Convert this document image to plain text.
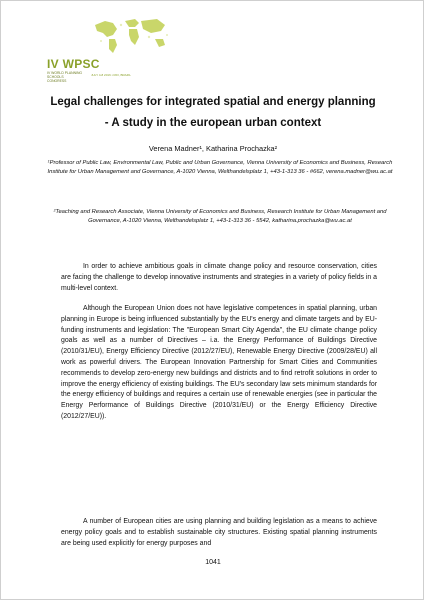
IV WPSC
IV WORLD PLANNING SCHOOLS CONGRESS
JULY 4-8 2016 ▪ RIO, BRAZIL
Legal challenges for integrated spatial and energy planning
- A study in the european urban context
Verena Madner¹, Katharina Prochazka²
¹Professor of Public Law, Environmental Law, Public and Urban Governance, Vienna University of Economics and Business, Research Institute for Urban Management and Governance, A-1020 Vienna, Welthandelsplatz 1, +43-1-313 36 - #662, verena.madner@wu.ac.at
²Teaching and Research Associate, Vienna University of Economics and Business, Research Institute for Urban Management and Governance, A-1020 Vienna, Welthandelsplatz 1, +43-1-313 36 - 5542, katharina.prochazka@wu.ac.at

In order to achieve ambitious goals in climate change policy and resource conservation, cities are facing the challenge to develop innovative instruments and strategies in a variety of policy fields in a multi-level context.

Although the European Union does not have legislative competences in spatial planning, urban planning in Europe is being influenced substantially by the EU's energy and climate targets and by EU-funding instruments and legislation: The "European Smart City Agenda", the EU climate change policy goals as well as a number of Directives – i.a. the Energy Performance of Buildings Directive (2010/31/EU), Energy Efficiency Directive (2012/27/EU), Renewable Energy Directive (2009/28/EU) all work as powerful drivers. The European Innovation Partnership for Smart Cities and Communities recommends to develop zero-energy new buildings and districts and to find retrofit solutions in order to improve the energy efficiency of existing buildings. The EU's secondary law sets minimum standards for the energy efficiency of buildings and requires a certain use of renewable energies (see in particular the Energy Performance of Buildings Directive (2010/31/EU) or the Energy Efficiency Directive (2012/27/EU)).

A number of European cities are using planning and building legislation as a means to achieve energy policy goals and to establish sustainable city structures. Existing spatial planning instruments are being used explicitly for energy purposes and

1041
